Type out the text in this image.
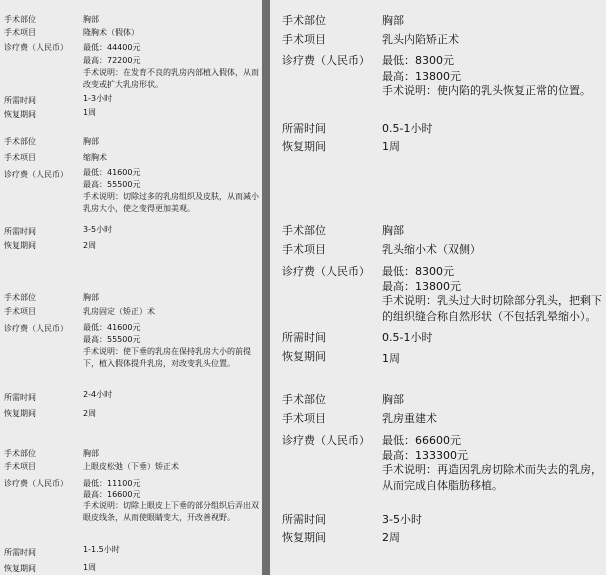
手术部位	胸部
手术项目	隆胸术（假体）
诊疗费（人民币） 最低：44400元
最高：72200元
手术说明：在发育不良的乳房内部植入假体，从而改变或扩大乳房形状。
所需时间	1-3小时
恢复期间	1周
手术部位	胸部
手术项目	缩胸术
诊疗费（人民币） 最低：41600元
最高：55500元
手术说明：切除过多的乳房组织及皮肤，从而减小乳房大小，使之变得更加美观。
所需时间	3-5小时
恢复期间	2周
手术部位	胸部
手术项目	乳房固定（矫正）术
诊疗费（人民币） 最低：41600元
最高：55500元
手术说明：使下垂的乳房在保持乳房大小的前提下，植入假体提升乳房，对改变乳头位置。
所需时间	2-4小时
恢复期间	2周
手术部位	胸部
手术项目	上眼皮松弛（下垂）矫正术
诊疗费（人民币） 最低：11100元
最高：16600元
手术说明：切除上眼皮上下垂的部分组织后弄出双眼皮线条，从而使眼睛变大，开改善视野。
所需时间	1-1.5小时
恢复期间	1周
手术部位	胸部
手术项目	乳头内陷矫正术
诊疗费（人民币） 最低：8300元
最高：13800元
手术说明：使内陷的乳头恢复正常的位置。
所需时间	0.5-1小时
恢复期间	1周
手术部位	胸部
手术项目	乳头缩小术（双侧）
诊疗费（人民币） 最低：8300元
最高：13800元
手术说明：乳头过大时切除部分乳头，把剩下的组织缝合称自然形状（不包括乳晕缩小）。
所需时间	0.5-1小时
恢复期间	1周
手术部位	胸部
手术项目	乳房重建术
诊疗费（人民币） 最低：66600元
最高：133300元
手术说明：再造因乳房切除术而失去的乳房，从而完成自体脂肪移植。
所需时间	3-5小时
恢复期间	2周
